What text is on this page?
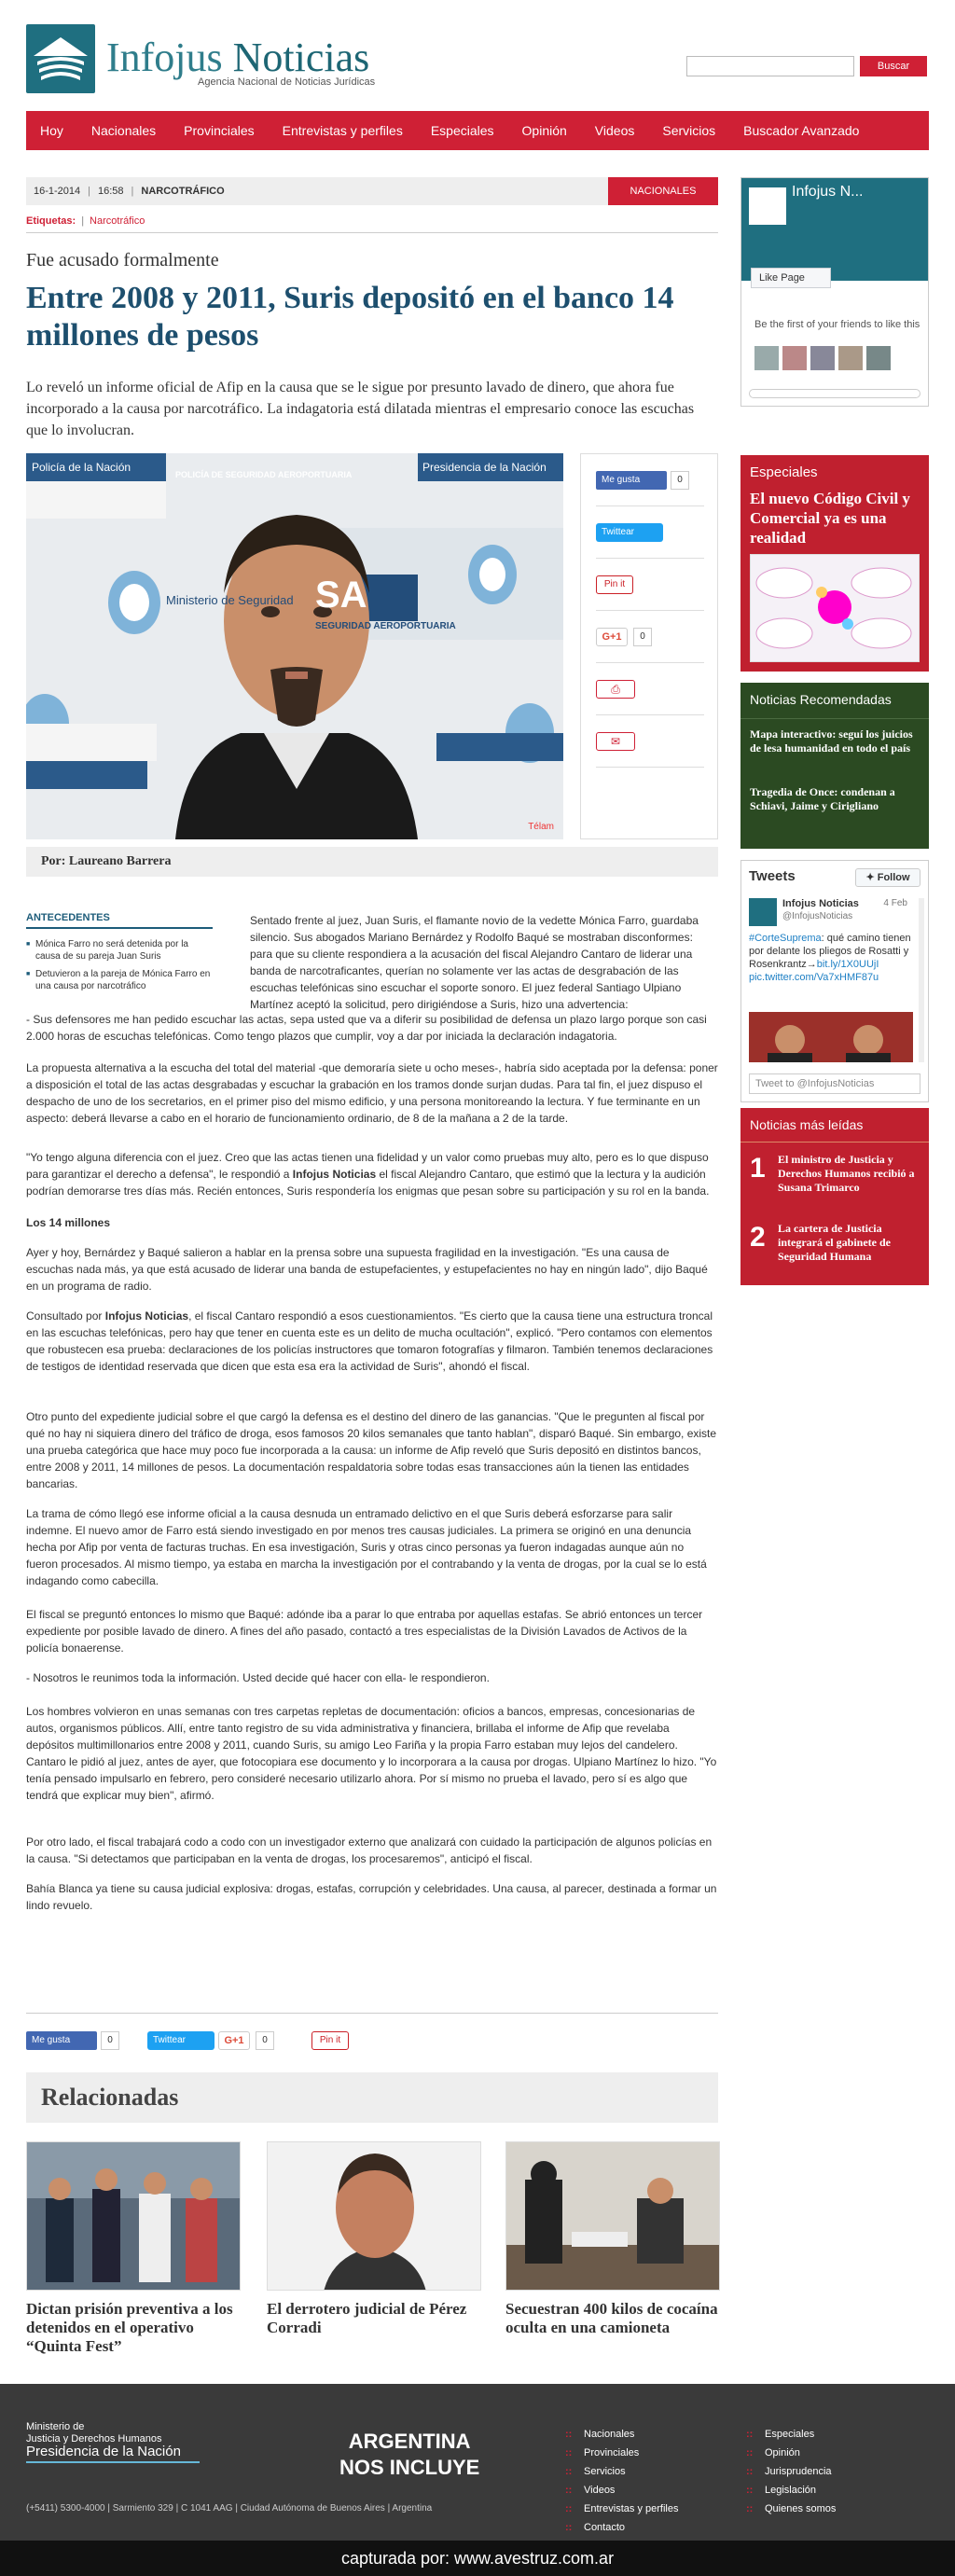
Infojus Noticias
Agencia Nacional de Noticias Jurídicas
Buscar
Hoy	Nacionales	Provinciales	Entrevistas y perfiles	Especiales	Opinión	Videos	Servicios	Buscador Avanzado
16-1-2014 | 16:58 | NARCOTRÁFICO	NACIONALES
Etiquetas: | Narcotráfico
Fue acusado formalmente
Entre 2008 y 2011, Suris depositó en el banco 14 millones de pesos

Lo reveló un informe oficial de Afip en la causa que se le sigue por presunto lavado de dinero, que ahora fue incorporado a la causa por narcotráfico. La indagatoria está dilatada mientras el empresario conoce las escuchas que lo involucran.

Policía de la Nación
POLICÍA DE SEGURIDAD AEROPORTUARIA
Presidencia de la Nación
Ministerio de Seguridad SA
SEGURIDAD AEROPORTUARIA
Télam
Me gusta	0
Twittear
Pin it
G+1	0
⎙
✉
Por: Laureano Barrera
ANTECEDENTES
■ Mónica Farro no será detenida por la causa de su pareja Juan Suris
■ Detuvieron a la pareja de Mónica Farro en una causa por narcotráfico

Sentado frente al juez, Juan Suris, el flamante novio de la vedette Mónica Farro, guardaba silencio. Sus abogados Mariano Bernárdez y Rodolfo Baqué se mostraban disconformes: para que su cliente respondiera a la acusación del fiscal Alejandro Cantaro de liderar una banda de narcotraficantes, querían no solamente ver las actas de desgrabación de las escuchas telefónicas sino escuchar el soporte sonoro. El juez federal Santiago Ulpiano Martínez aceptó la solicitud, pero dirigiéndose a Suris, hizo una advertencia:

- Sus defensores me han pedido escuchar las actas, sepa usted que va a diferir su posibilidad de defensa un plazo largo porque son casi 2.000 horas de escuchas telefónicas. Como tengo plazos que cumplir, voy a dar por iniciada la declaración indagatoria.

La propuesta alternativa a la escucha del total del material -que demoraría siete u ocho meses-, habría sido aceptada por la defensa: poner a disposición el total de las actas desgrabadas y escuchar la grabación en los tramos donde surjan dudas. Para tal fin, el juez dispuso el despacho de uno de los secretarios, en el primer piso del mismo edificio, y una persona monitoreando la lectura. Y fue terminante en un aspecto: deberá llevarse a cabo en el horario de funcionamiento ordinario, de 8 de la mañana a 2 de la tarde.

"Yo tengo alguna diferencia con el juez. Creo que las actas tienen una fidelidad y un valor como pruebas muy alto, pero es lo que dispuso para garantizar el derecho a defensa", le respondió a Infojus Noticias el fiscal Alejandro Cantaro, que estimó que la lectura y la audición podrían demorarse tres días más. Recién entonces, Suris respondería los enigmas que pesan sobre su participación y su rol en la banda.

Los 14 millones

Ayer y hoy, Bernárdez y Baqué salieron a hablar en la prensa sobre una supuesta fragilidad en la investigación. "Es una causa de escuchas nada más, ya que está acusado de liderar una banda de estupefacientes, y estupefacientes no hay en ningún lado", dijo Baqué en un programa de radio.

Consultado por Infojus Noticias, el fiscal Cantaro respondió a esos cuestionamientos. "Es cierto que la causa tiene una estructura troncal en las escuchas telefónicas, pero hay que tener en cuenta este es un delito de mucha ocultación", explicó. "Pero contamos con elementos que robustecen esa prueba: declaraciones de los policías instructores que tomaron fotografías y filmaron. También tenemos declaraciones de testigos de identidad reservada que dicen que esta esa era la actividad de Suris", ahondó el fiscal.

Otro punto del expediente judicial sobre el que cargó la defensa es el destino del dinero de las ganancias. "Que le pregunten al fiscal por qué no hay ni siquiera dinero del tráfico de droga, esos famosos 20 kilos semanales que tanto hablan", disparó Baqué. Sin embargo, existe una prueba categórica que hace muy poco fue incorporada a la causa: un informe de Afip reveló que Suris depositó en distintos bancos, entre 2008 y 2011, 14 millones de pesos. La documentación respaldatoria sobre todas esas transacciones aún la tienen las entidades bancarias.

La trama de cómo llegó ese informe oficial a la causa desnuda un entramado delictivo en el que Suris deberá esforzarse para salir indemne. El nuevo amor de Farro está siendo investigado en por menos tres causas judiciales. La primera se originó en una denuncia hecha por Afip por venta de facturas truchas. En esa investigación, Suris y otras cinco personas ya fueron indagadas aunque aún no fueron procesados. Al mismo tiempo, ya estaba en marcha la investigación por el contrabando y la venta de drogas, por la cual se lo está indagando como cabecilla.

El fiscal se preguntó entonces lo mismo que Baqué: adónde iba a parar lo que entraba por aquellas estafas. Se abrió entonces un tercer expediente por posible lavado de dinero. A fines del año pasado, contactó a tres especialistas de la División Lavados de Activos de la policía bonaerense.

- Nosotros le reunimos toda la información. Usted decide qué hacer con ella- le respondieron.

Los hombres volvieron en unas semanas con tres carpetas repletas de documentación: oficios a bancos, empresas, concesionarias de autos, organismos públicos. Allí, entre tanto registro de su vida administrativa y financiera, brillaba el informe de Afip que revelaba depósitos multimillonarios entre 2008 y 2011, cuando Suris, su amigo Leo Fariña y la propia Farro estaban muy lejos del candelero. Cantaro le pidió al juez, antes de ayer, que fotocopiara ese documento y lo incorporara a la causa por drogas. Ulpiano Martínez lo hizo. "Yo tenía pensado impulsarlo en febrero, pero consideré necesario utilizarlo ahora. Por sí mismo no prueba el lavado, pero sí es algo que tendrá que explicar muy bien", afirmó.

Por otro lado, el fiscal trabajará codo a codo con un investigador externo que analizará con cuidado la participación de algunos policías en la causa. "Si detectamos que participaban en la venta de drogas, los procesaremos", anticipó el fiscal.

Bahía Blanca ya tiene su causa judicial explosiva: drogas, estafas, corrupción y celebridades. Una causa, al parecer, destinada a formar un lindo revuelo.

Me gusta	0	Twittear	G+1	0	Pin it
Relacionadas
Dictan prisión preventiva a los detenidos en el operativo “Quinta Fest”
El derrotero judicial de Pérez Corradi
Secuestran 400 kilos de cocaína oculta en una camioneta
Infojus N...
Like Page
Be the first of your friends to like this
Especiales
El nuevo Código Civil y Comercial ya es una realidad
Noticias Recomendadas
Mapa interactivo: seguí los juicios de lesa humanidad en todo el país
Tragedia de Once: condenan a Schiavi, Jaime y Cirigliano
Tweets	✦ Follow
Infojus Noticias
@InfojusNoticias
4 Feb
#CorteSuprema: qué camino tienen por delante los pliegos de Rosatti y Rosenkrantz→bit.ly/1X0UUjI pic.twitter.com/Va7xHMF87u
Tweet to @InfojusNoticias
Noticias más leídas
1 El ministro de Justicia y Derechos Humanos recibió a Susana Trimarco
2 La cartera de Justicia integrará el gabinete de Seguridad Humana
Ministerio de
Justicia y Derechos Humanos
Presidencia de la Nación	ARGENTINA
NOS INCLUYE
(+5411) 5300-4000 | Sarmiento 329 | C 1041 AAG | Ciudad Autónoma de Buenos Aires | Argentina
:: Nacionales
:: Provinciales
:: Servicios
:: Videos
:: Entrevistas y perfiles
:: Contacto
:: Especiales
:: Opinión
:: Jurisprudencia
:: Legislación
:: Quienes somos
capturada por: www.avestruz.com.ar
